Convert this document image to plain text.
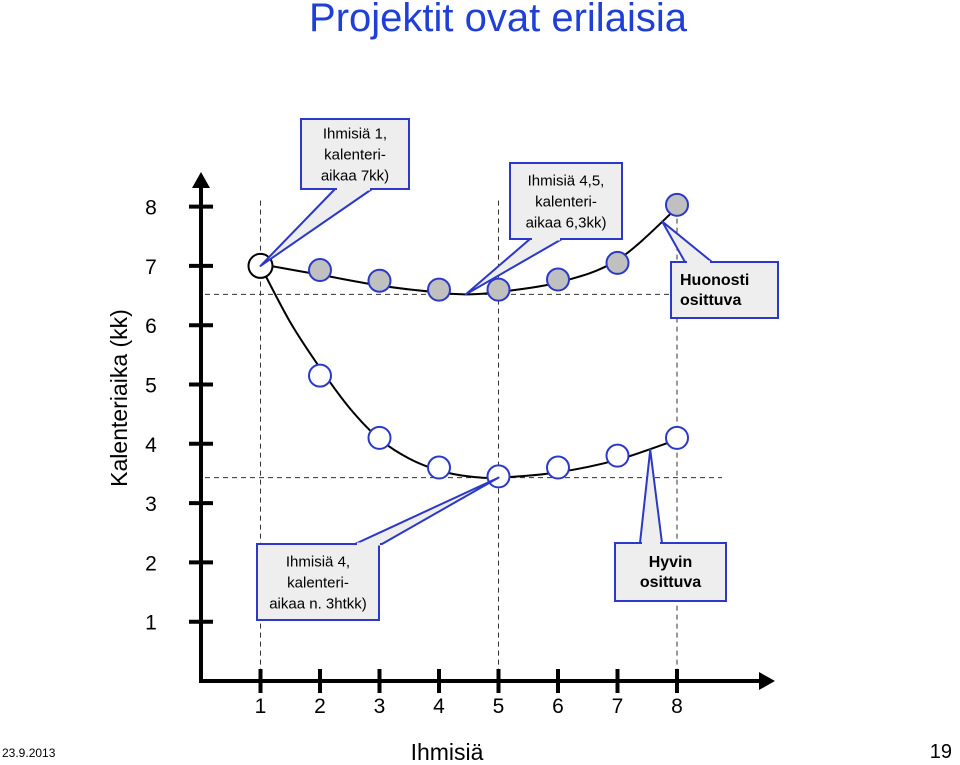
Projektit ovat erilaisia
Ihmisiä 1,
kalenteri-
aikaa 7kk)	Ihmisiä 4,5,
kalenteri-
aikaa 6,3kk)
Ihmisiä 4,
kalenteri-
aikaa n. 3htkk)
Huonosti
osittuva
Hyvin
osittuva
1
2
3
4
5
6
7
8
1 2 3 4 5 6 7 8
Ihmisiä
Kalenteriaika (kk)
23.9.2013	19
